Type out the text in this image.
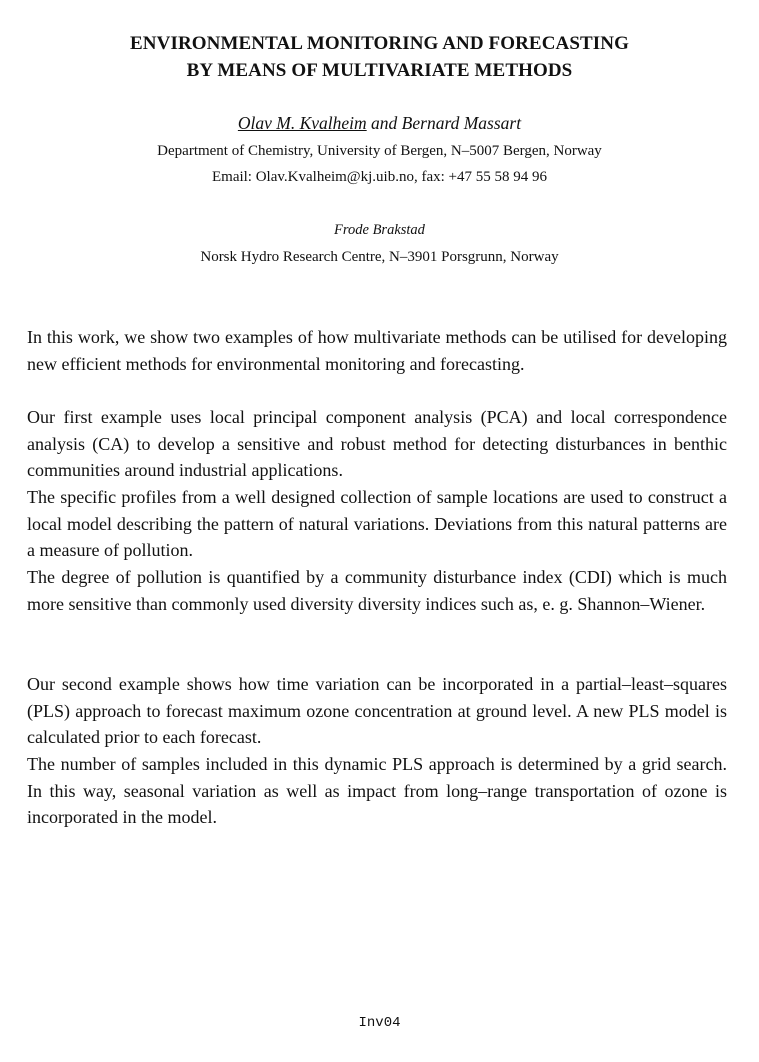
ENVIRONMENTAL MONITORING AND FORECASTING
BY MEANS OF MULTIVARIATE METHODS
Olav M. Kvalheim and Bernard Massart
Department of Chemistry, University of Bergen, N–5007 Bergen, Norway
Email: Olav.Kvalheim@kj.uib.no, fax: +47 55 58 94 96
Frode Brakstad
Norsk Hydro Research Centre, N–3901 Porsgrunn, Norway
In this work, we show two examples of how multivariate methods can be utilised for developing new efficient methods for environmental monitoring and forecasting.
Our first example uses local principal component analysis (PCA) and local correspondence analysis (CA) to develop a sensitive and robust method for detecting disturbances in benthic communities around industrial applications.
The specific profiles from a well designed collection of sample locations are used to construct a local model describing the pattern of natural variations. Deviations from this natural patterns are a measure of pollution.
The degree of pollution is quantified by a community disturbance index (CDI) which is much more sensitive than commonly used diversity diversity indices such as, e. g. Shannon–Wiener.
Our second example shows how time variation can be incorporated in a partial–least–squares (PLS) approach to forecast maximum ozone concentration at ground level. A new PLS model is calculated prior to each forecast.
The number of samples included in this dynamic PLS approach is determined by a grid search. In this way, seasonal variation as well as impact from long–range transportation of ozone is incorporated in the model.
Inv04
